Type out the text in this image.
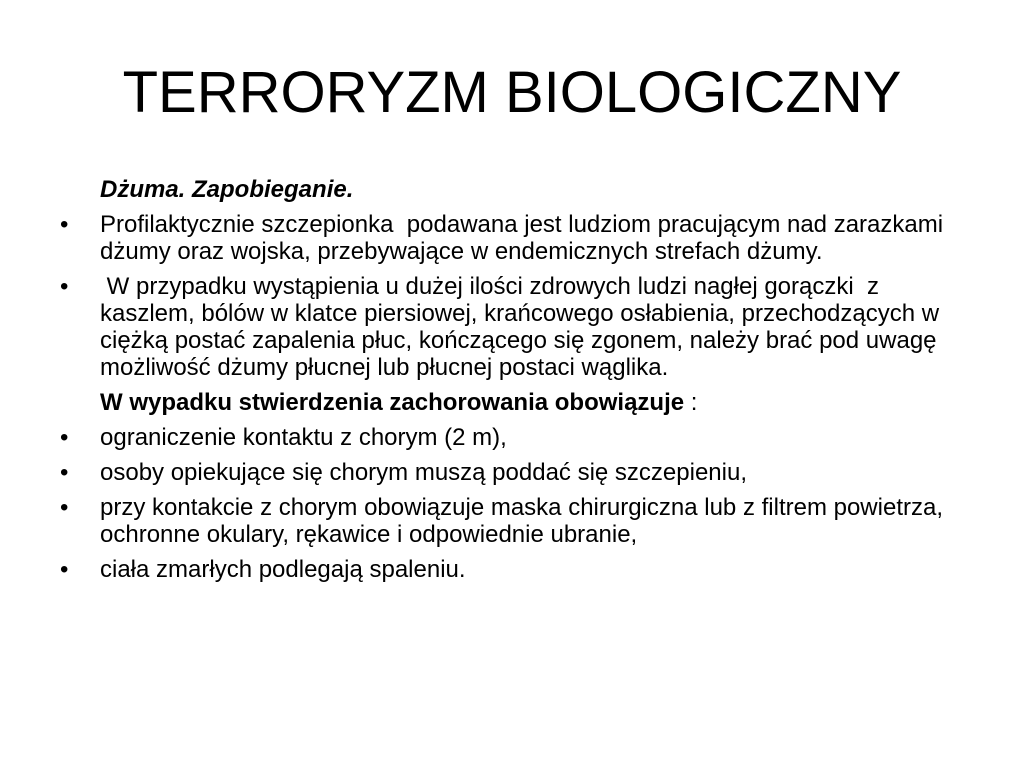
TERRORYZM BIOLOGICZNY
Dżuma. Zapobieganie.
•	Profilaktycznie szczepionka  podawana jest ludziom pracującym nad zarazkami dżumy oraz wojska, przebywające w endemicznych strefach dżumy.
•	W przypadku wystąpienia u dużej ilości zdrowych ludzi nagłej gorączki  z kaszlem, bólów w klatce piersiowej, krańcowego osłabienia, przechodzących w ciężką postać zapalenia płuc, kończącego się zgonem, należy brać pod uwagę możliwość dżumy płucnej lub płucnej postaci wąglika.
W wypadku stwierdzenia zachorowania obowiązuje :
•	ograniczenie kontaktu z chorym (2 m),
•	osoby opiekujące się chorym muszą poddać się szczepieniu,
•	przy kontakcie z chorym obowiązuje maska chirurgiczna lub z filtrem powietrza, ochronne okulary, rękawice i odpowiednie ubranie,
•	ciała zmarłych podlegają spaleniu.
